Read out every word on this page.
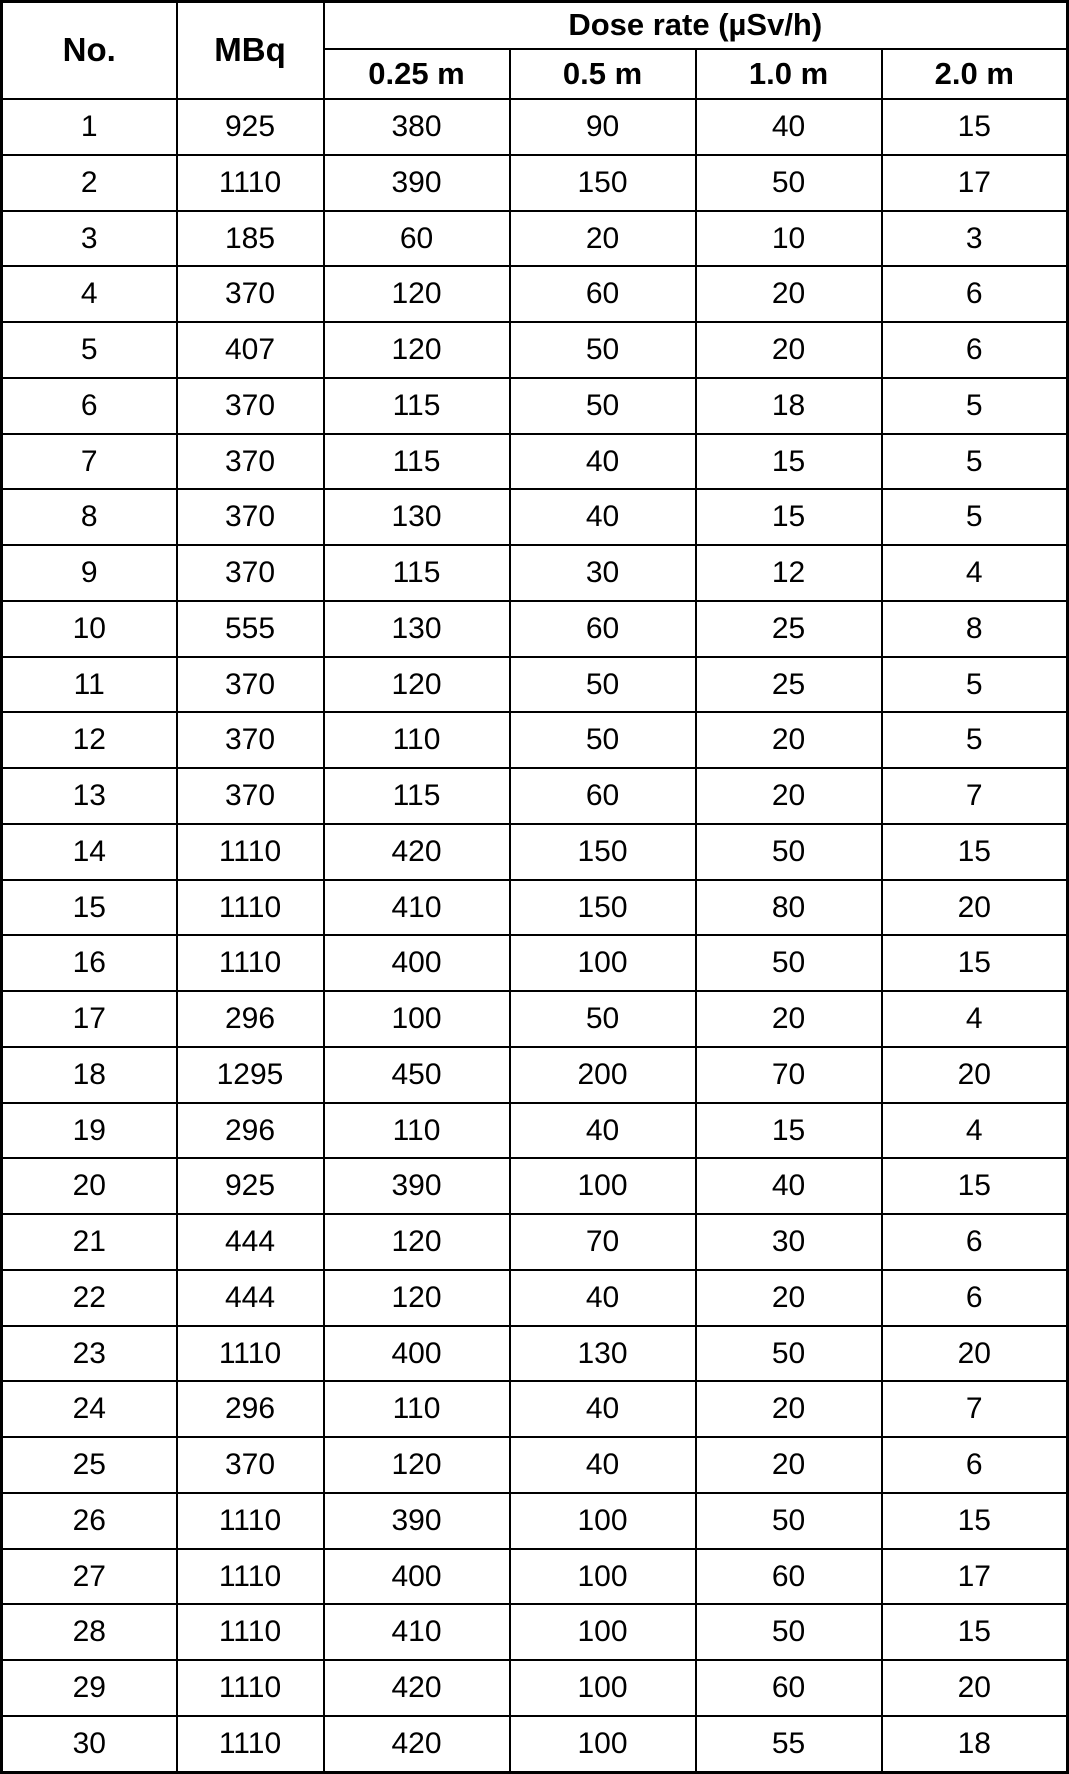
No.	MBq	Dose rate (µSv/h)			
		0.25 m	0.5 m	1.0 m	2.0 m
1	925	380	90	40	15
2	1110	390	150	50	17
3	185	60	20	10	3
4	370	120	60	20	6
5	407	120	50	20	6
6	370	115	50	18	5
7	370	115	40	15	5
8	370	130	40	15	5
9	370	115	30	12	4
10	555	130	60	25	8
11	370	120	50	25	5
12	370	110	50	20	5
13	370	115	60	20	7
14	1110	420	150	50	15
15	1110	410	150	80	20
16	1110	400	100	50	15
17	296	100	50	20	4
18	1295	450	200	70	20
19	296	110	40	15	4
20	925	390	100	40	15
21	444	120	70	30	6
22	444	120	40	20	6
23	1110	400	130	50	20
24	296	110	40	20	7
25	370	120	40	20	6
26	1110	390	100	50	15
27	1110	400	100	60	17
28	1110	410	100	50	15
29	1110	420	100	60	20
30	1110	420	100	55	18
